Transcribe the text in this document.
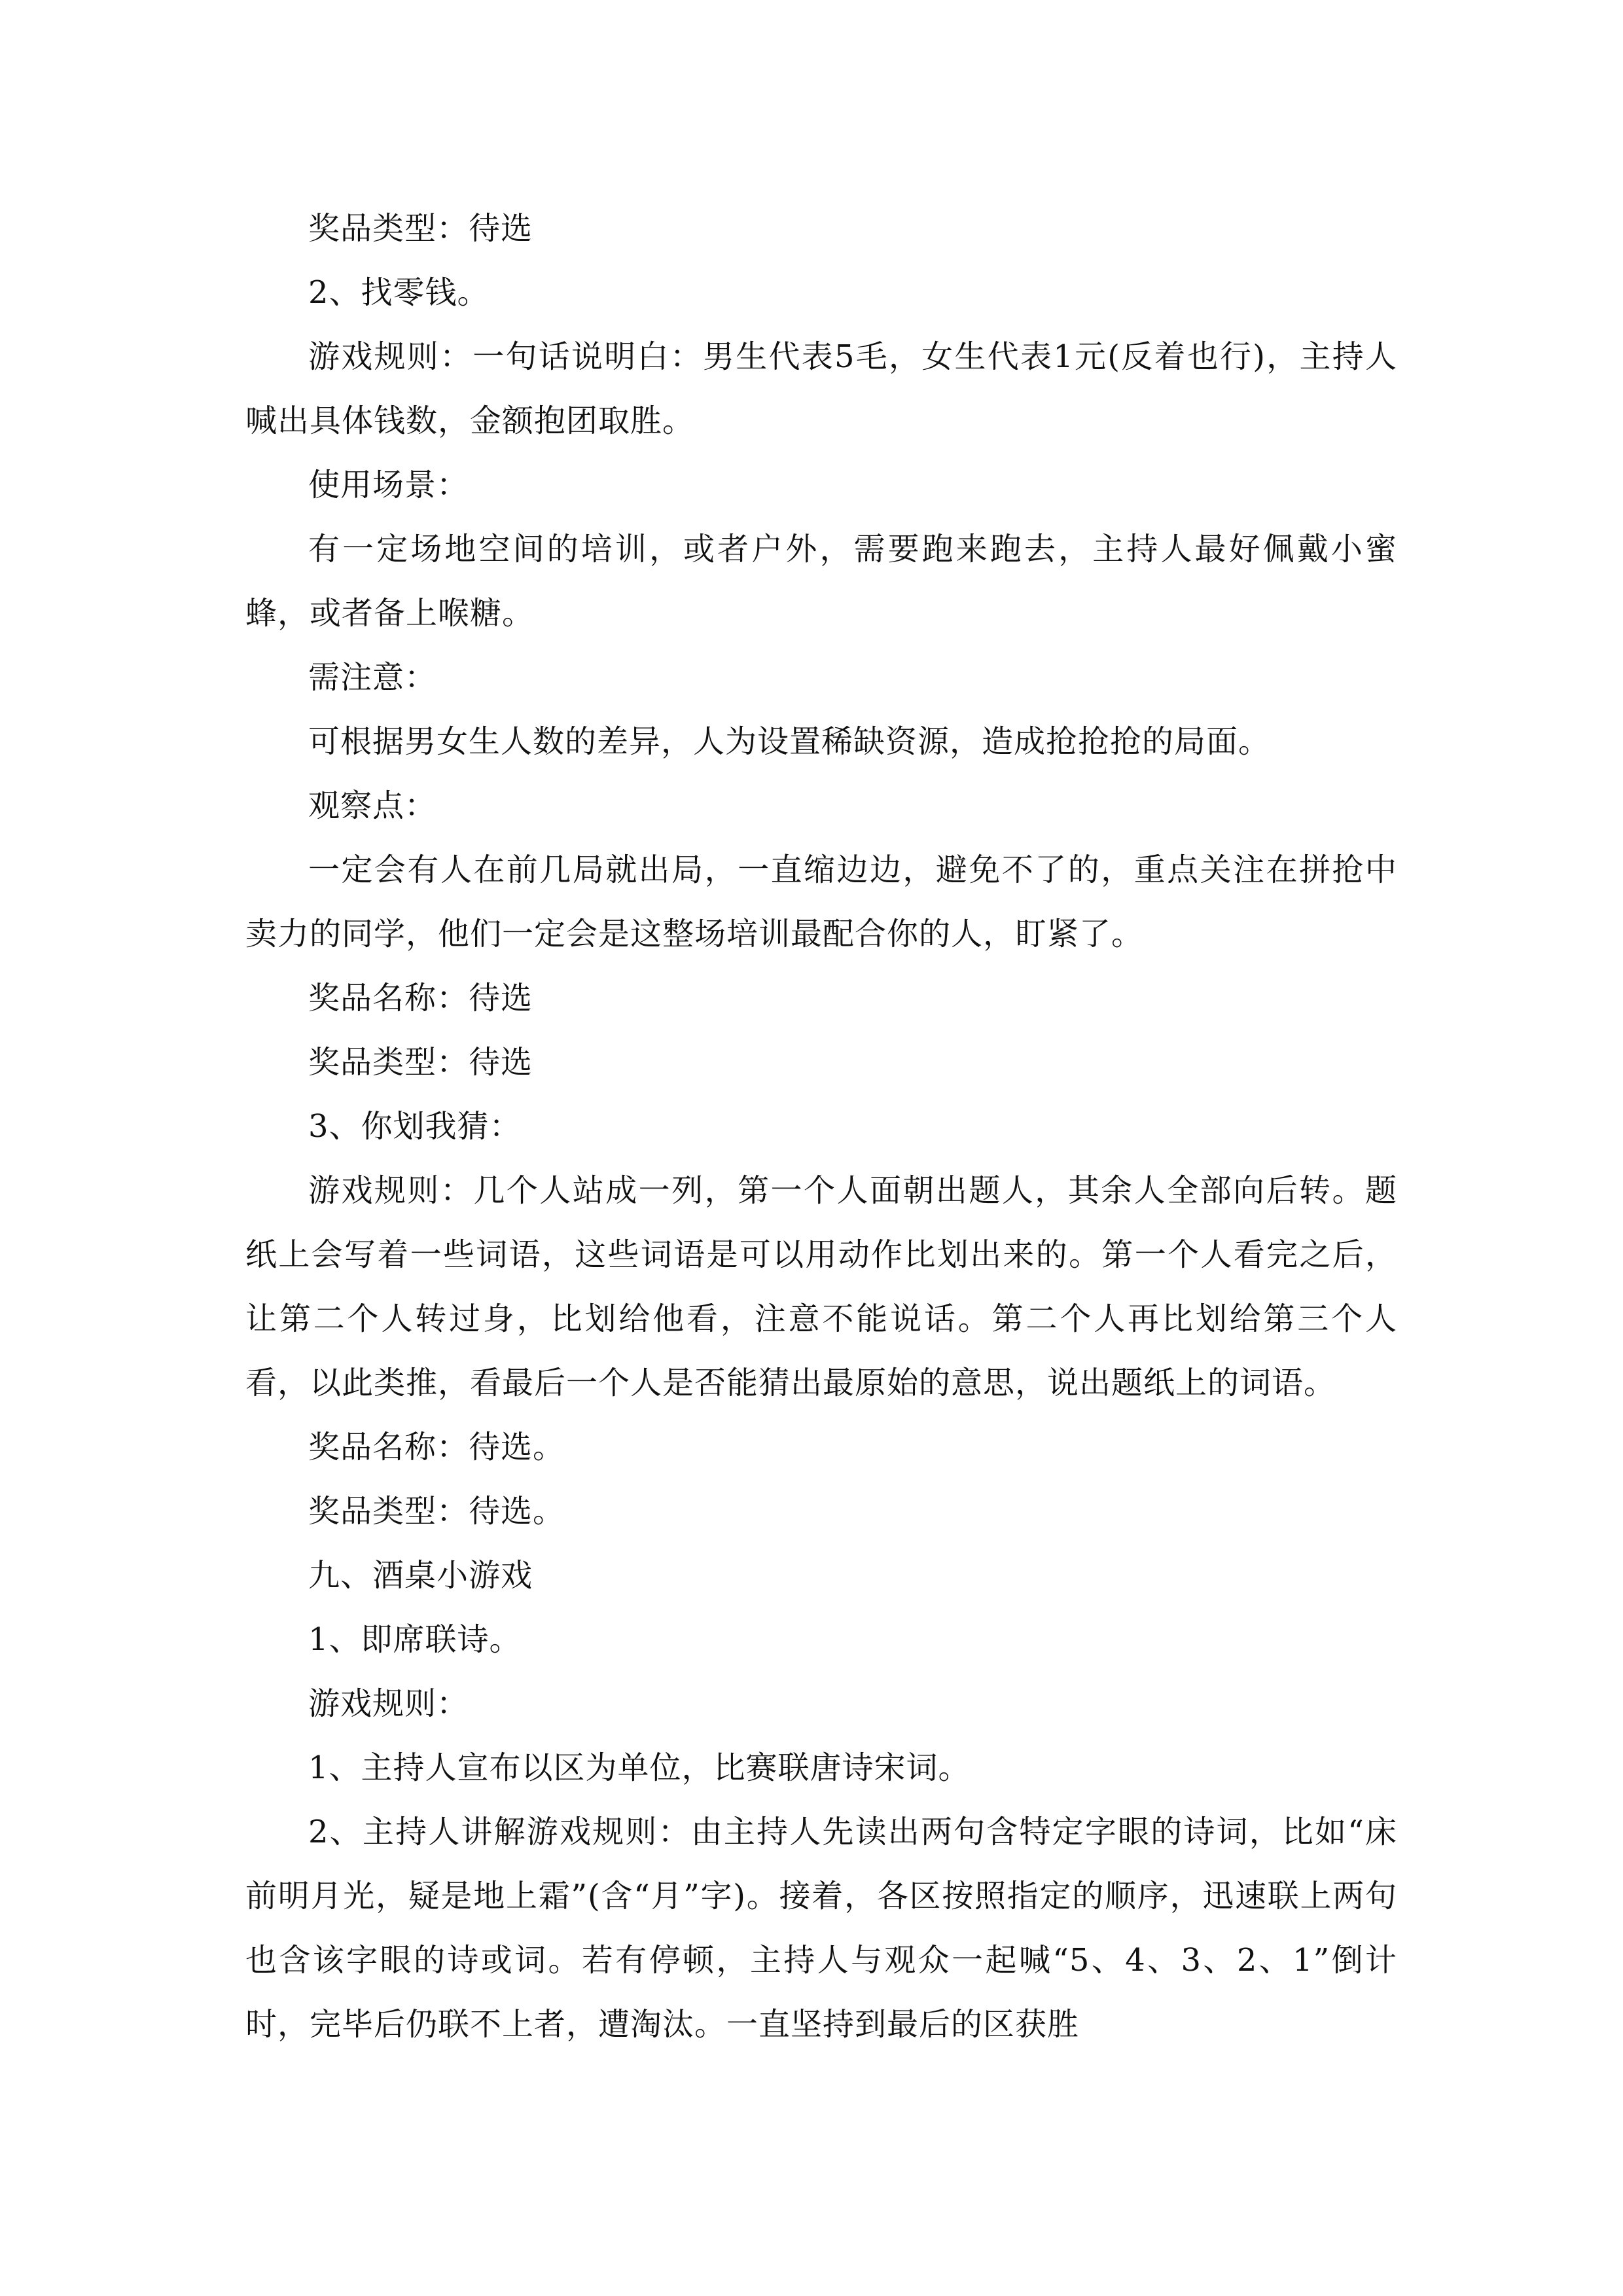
奖品类型：待选

2、找零钱。

游戏规则：一句话说明白：男生代表5毛，女生代表1元(反着也行)，主持人喊出具体钱数，金额抱团取胜。

使用场景：

有一定场地空间的培训，或者户外，需要跑来跑去，主持人最好佩戴小蜜蜂，或者备上喉糖。

需注意：

可根据男女生人数的差异，人为设置稀缺资源，造成抢抢抢的局面。

观察点：

一定会有人在前几局就出局，一直缩边边，避免不了的，重点关注在拼抢中卖力的同学，他们一定会是这整场培训最配合你的人，盯紧了。

奖品名称：待选

奖品类型：待选

3、你划我猜：

游戏规则：几个人站成一列，第一个人面朝出题人，其余人全部向后转。题纸上会写着一些词语，这些词语是可以用动作比划出来的。第一个人看完之后，让第二个人转过身，比划给他看，注意不能说话。第二个人再比划给第三个人看，以此类推，看最后一个人是否能猜出最原始的意思，说出题纸上的词语。

奖品名称：待选。

奖品类型：待选。

九、酒桌小游戏

1、即席联诗。

游戏规则：

1、主持人宣布以区为单位，比赛联唐诗宋词。

2、主持人讲解游戏规则：由主持人先读出两句含特定字眼的诗词，比如“床前明月光，疑是地上霜”(含“月”字)。接着，各区按照指定的顺序，迅速联上两句也含该字眼的诗或词。若有停顿，主持人与观众一起喊“5、4、3、2、1”倒计时，完毕后仍联不上者，遭淘汰。一直坚持到最后的区获胜
